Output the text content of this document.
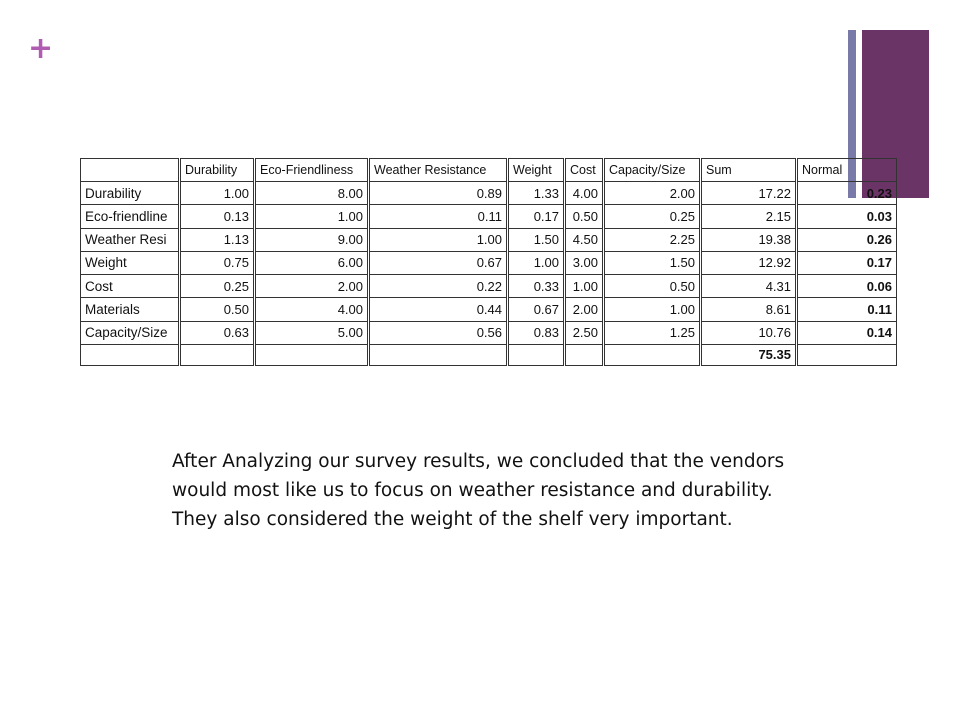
+
	Durability	Eco-Friendliness	Weather Resistance	Weight	Cost	Capacity/Size	Sum	Normal
Durability	1.00	8.00	0.89	1.33	4.00	2.00	17.22	0.23
Eco-friendline	0.13	1.00	0.11	0.17	0.50	0.25	2.15	0.03
Weather Resi	1.13	9.00	1.00	1.50	4.50	2.25	19.38	0.26
Weight	0.75	6.00	0.67	1.00	3.00	1.50	12.92	0.17
Cost	0.25	2.00	0.22	0.33	1.00	0.50	4.31	0.06
Materials	0.50	4.00	0.44	0.67	2.00	1.00	8.61	0.11
Capacity/Size	0.63	5.00	0.56	0.83	2.50	1.25	10.76	0.14
							75.35	

After Analyzing our survey results, we concluded that the vendors would most like us to focus on weather resistance and durability. They also considered the weight of the shelf very important.
